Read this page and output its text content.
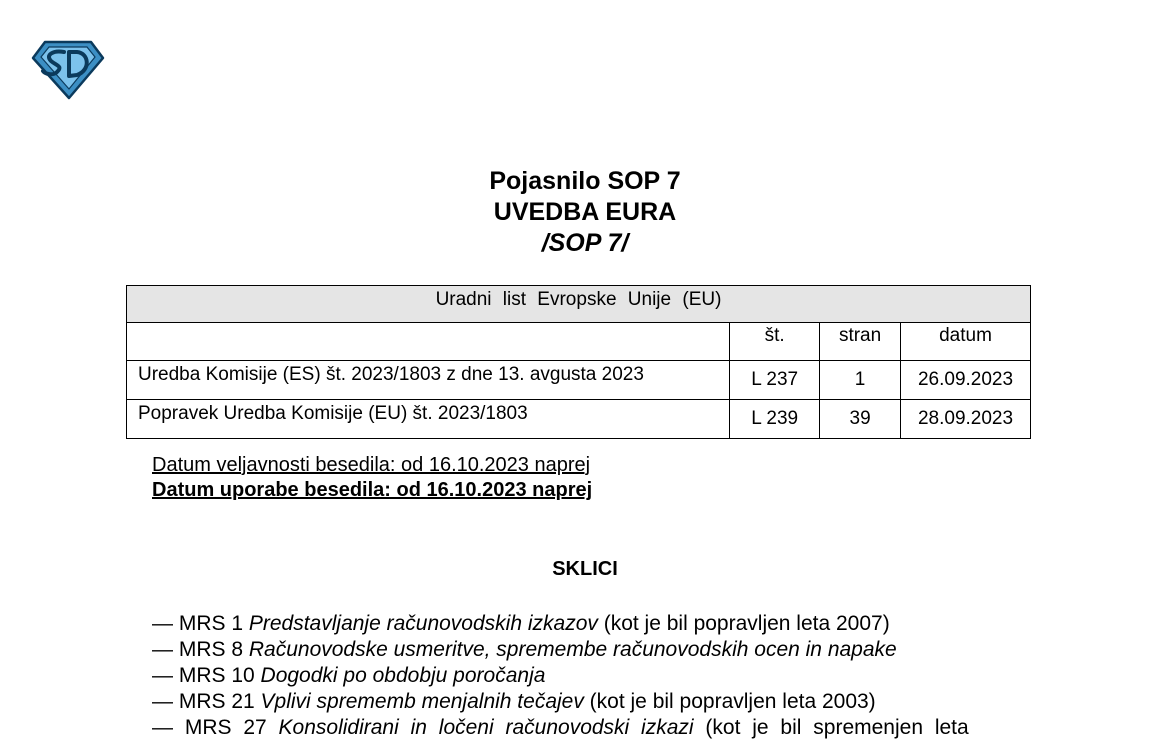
Pojasnilo SOP 7
UVEDBA EURA
/SOP 7/
Uradni list Evropske Unije (EU)			
	št.	stran	datum
Uredba Komisije (ES) št. 2023/1803 z dne 13. avgusta 2023	L 237	1	26.09.2023
Popravek Uredba Komisije (EU) št. 2023/1803	L 239	39	28.09.2023
Datum veljavnosti besedila: od 16.10.2023 naprej
Datum uporabe besedila: od 16.10.2023 naprej
SKLICI
— MRS 1 Predstavljanje računovodskih izkazov (kot je bil popravljen leta 2007)
— MRS 8 Računovodske usmeritve, spremembe računovodskih ocen in napake
— MRS 10 Dogodki po obdobju poročanja
— MRS 21 Vplivi sprememb menjalnih tečajev (kot je bil popravljen leta 2003)
— MRS 27 Konsolidirani in ločeni računovodski izkazi (kot je bil spremenjen leta
